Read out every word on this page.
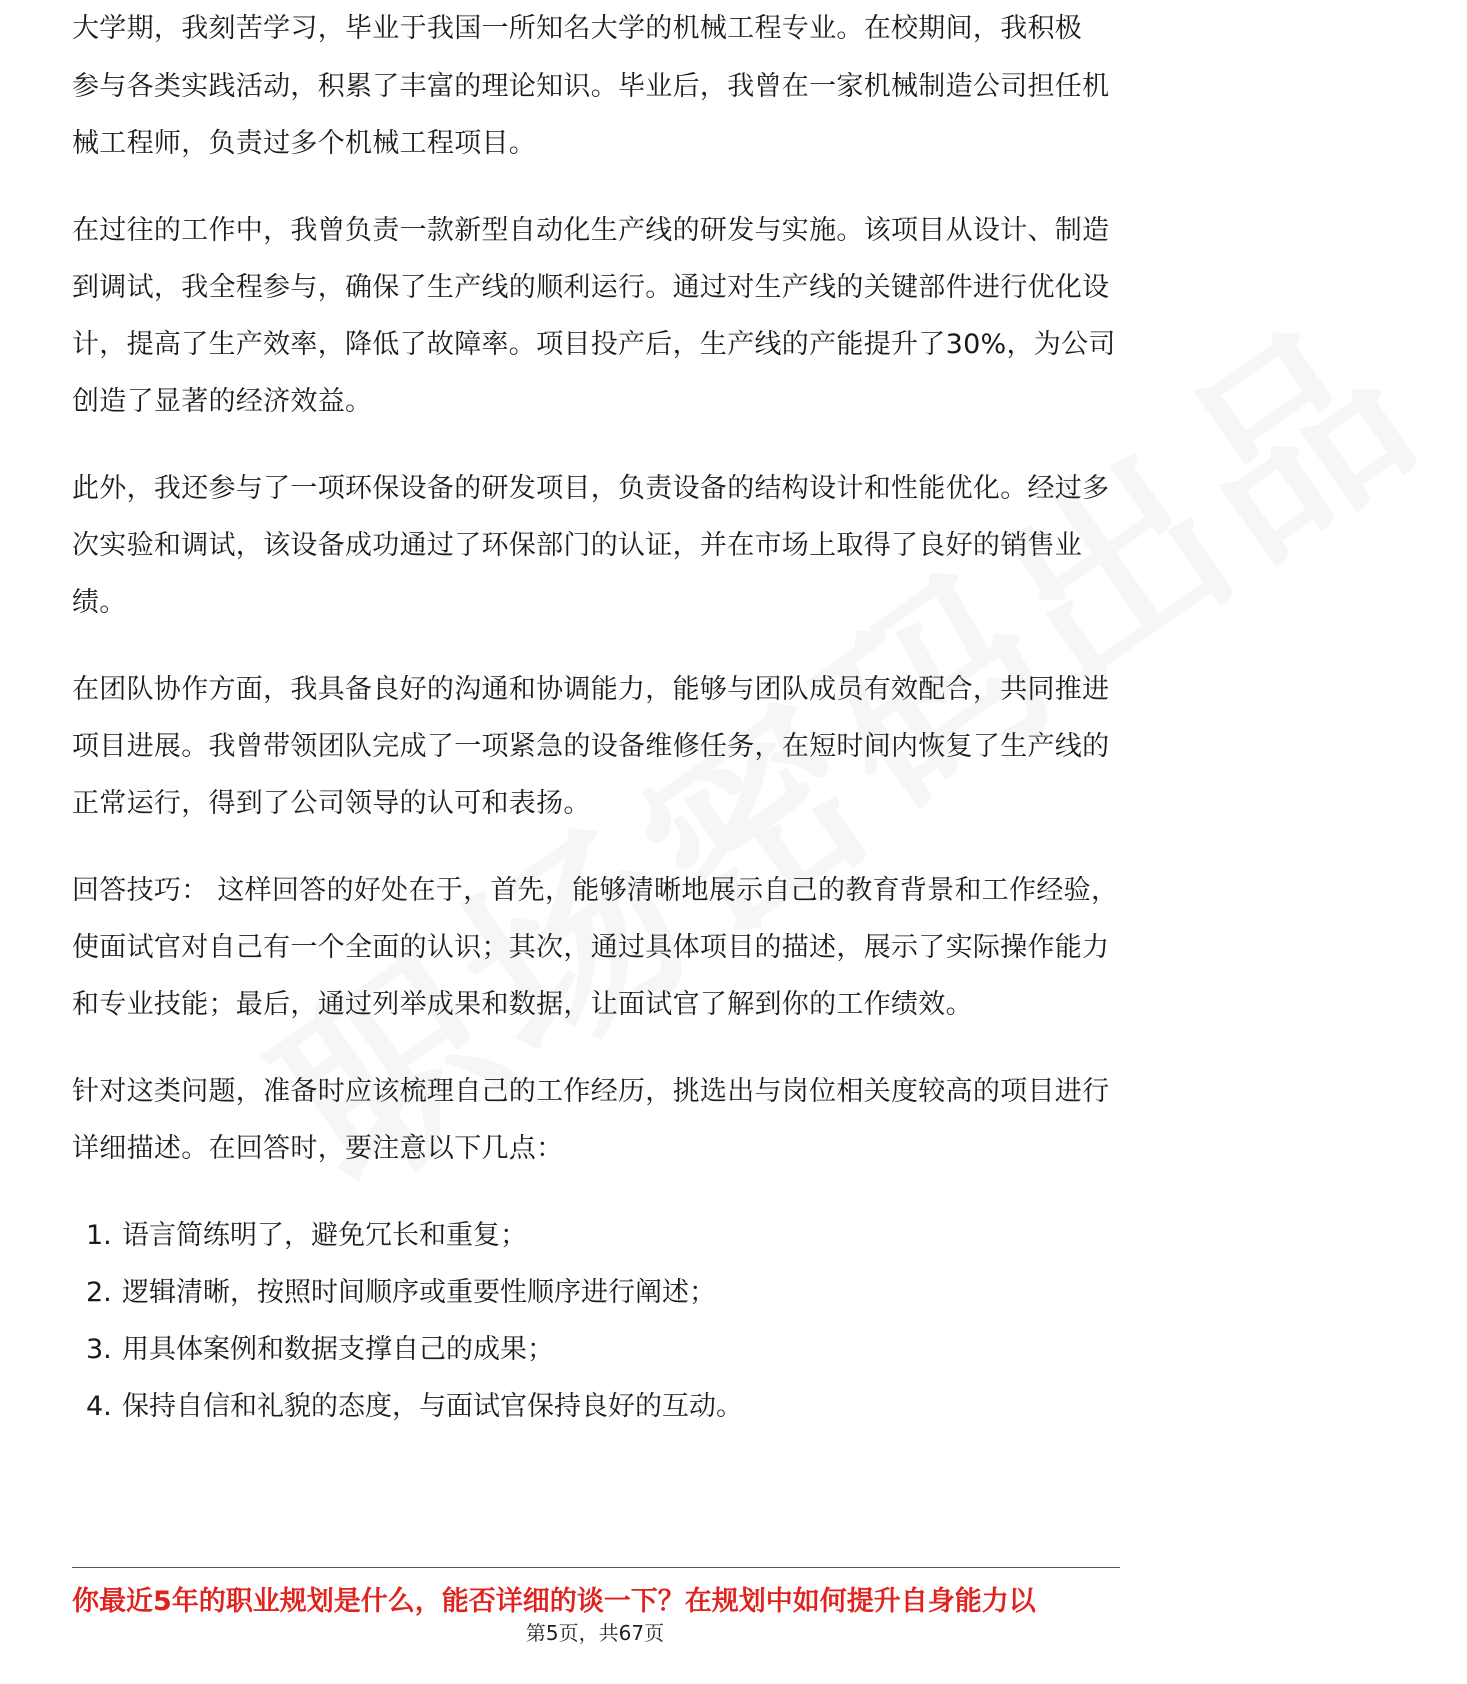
大学期，我刻苦学习，毕业于我国一所知名大学的机械工程专业。在校期间，我积极

参与各类实践活动，积累了丰富的理论知识。毕业后，我曾在一家机械制造公司担任机械工程师，负责过多个机械工程项目。

在过往的工作中，我曾负责一款新型自动化生产线的研发与实施。该项目从设计、制造到调试，我全程参与，确保了生产线的顺利运行。通过对生产线的关键部件进行优化设计，提高了生产效率，降低了故障率。项目投产后，生产线的产能提升了30%，为公司创造了显著的经济效益。

此外，我还参与了一项环保设备的研发项目，负责设备的结构设计和性能优化。经过多次实验和调试，该设备成功通过了环保部门的认证，并在市场上取得了良好的销售业绩。

在团队协作方面，我具备良好的沟通和协调能力，能够与团队成员有效配合，共同推进项目进展。我曾带领团队完成了一项紧急的设备维修任务，在短时间内恢复了生产线的正常运行，得到了公司领导的认可和表扬。

回答技巧： 这样回答的好处在于，首先，能够清晰地展示自己的教育背景和工作经验，使面试官对自己有一个全面的认识；其次，通过具体项目的描述，展示了实际操作能力和专业技能；最后，通过列举成果和数据，让面试官了解到你的工作绩效。

针对这类问题，准备时应该梳理自己的工作经历，挑选出与岗位相关度较高的项目进行详细描述。在回答时，要注意以下几点：

1. 语言简练明了，避免冗长和重复；
2. 逻辑清晰，按照时间顺序或重要性顺序进行阐述；
3. 用具体案例和数据支撑自己的成果；
4. 保持自信和礼貌的态度，与面试官保持良好的互动。
你最近5年的职业规划是什么，能否详细的谈一下？在规划中如何提升自身能力以
第5页，共67页
